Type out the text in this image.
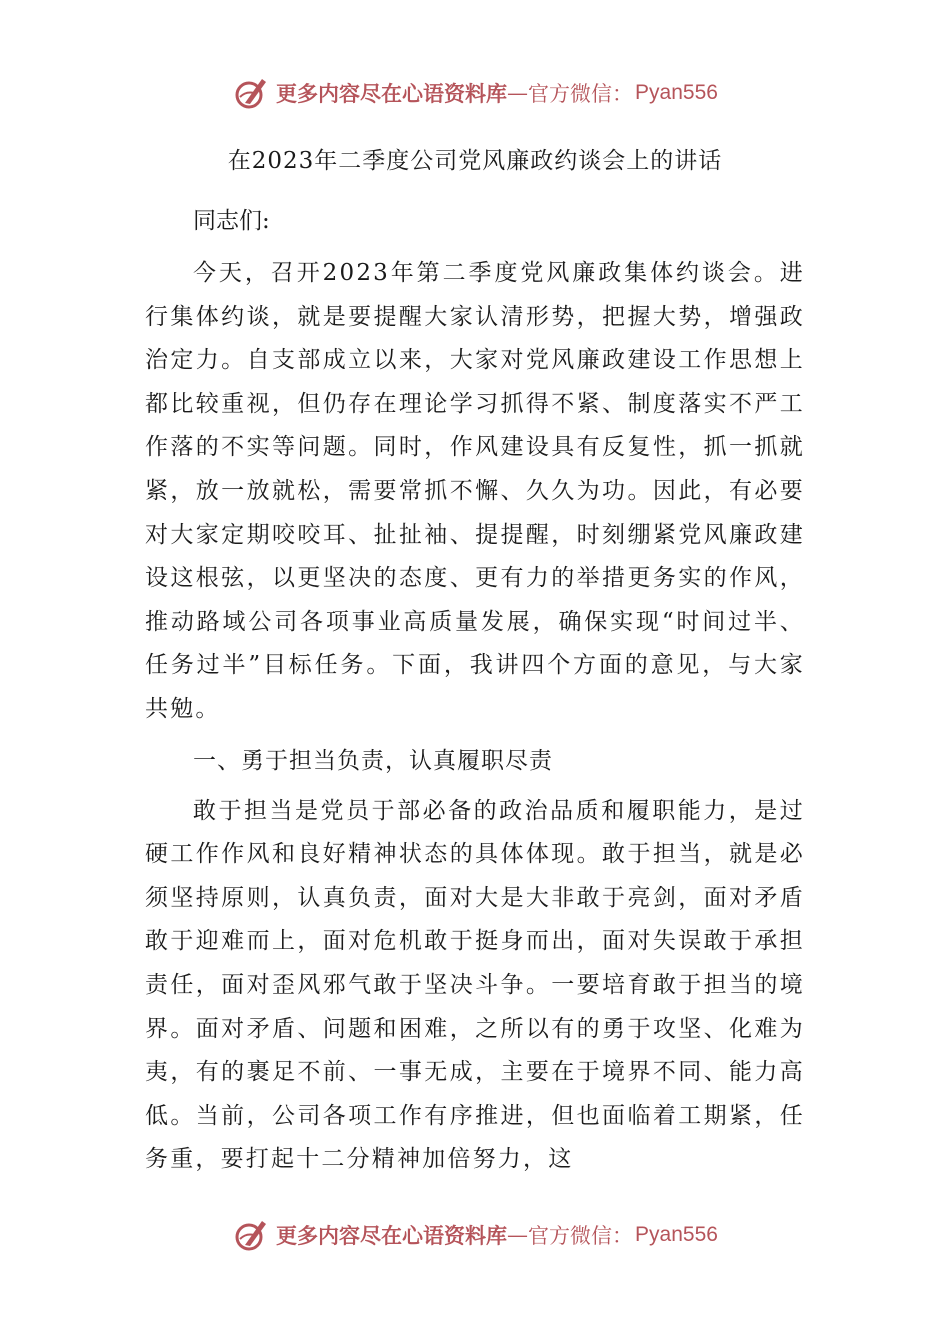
更多内容尽在心语资料库 — 官方微信： Pyan556
在2023年二季度公司党风廉政约谈会上的讲话
同志们:
今天，召开2023年第二季度党风廉政集体约谈会。进行集体约谈，就是要提醒大家认清形势，把握大势，增强政治定力。自支部成立以来，大家对党风廉政建设工作思想上都比较重视，但仍存在理论学习抓得不紧、制度落实不严工作落的不实等问题。同时，作风建设具有反复性，抓一抓就紧，放一放就松，需要常抓不懈、久久为功。因此，有必要对大家定期咬咬耳、扯扯袖、提提醒，时刻绷紧党风廉政建设这根弦，以更坚决的态度、更有力的举措更务实的作风，推动路域公司各项事业高质量发展，确保实现“时间过半、任务过半”目标任务。下面，我讲四个方面的意见，与大家共勉。
一、勇于担当负责，认真履职尽责
敢于担当是党员于部必备的政治品质和履职能力，是过硬工作作风和良好精神状态的具体体现。敢于担当，就是必须坚持原则，认真负责，面对大是大非敢于亮剑，面对矛盾敢于迎难而上，面对危机敢于挺身而出，面对失误敢于承担责任，面对歪风邪气敢于坚决斗争。一要培育敢于担当的境界。面对矛盾、问题和困难，之所以有的勇于攻坚、化难为夷，有的裹足不前、一事无成，主要在于境界不同、能力高低。当前，公司各项工作有序推进，但也面临着工期紧，任务重，要打起十二分精神加倍努力，这
更多内容尽在心语资料库 — 官方微信： Pyan556
